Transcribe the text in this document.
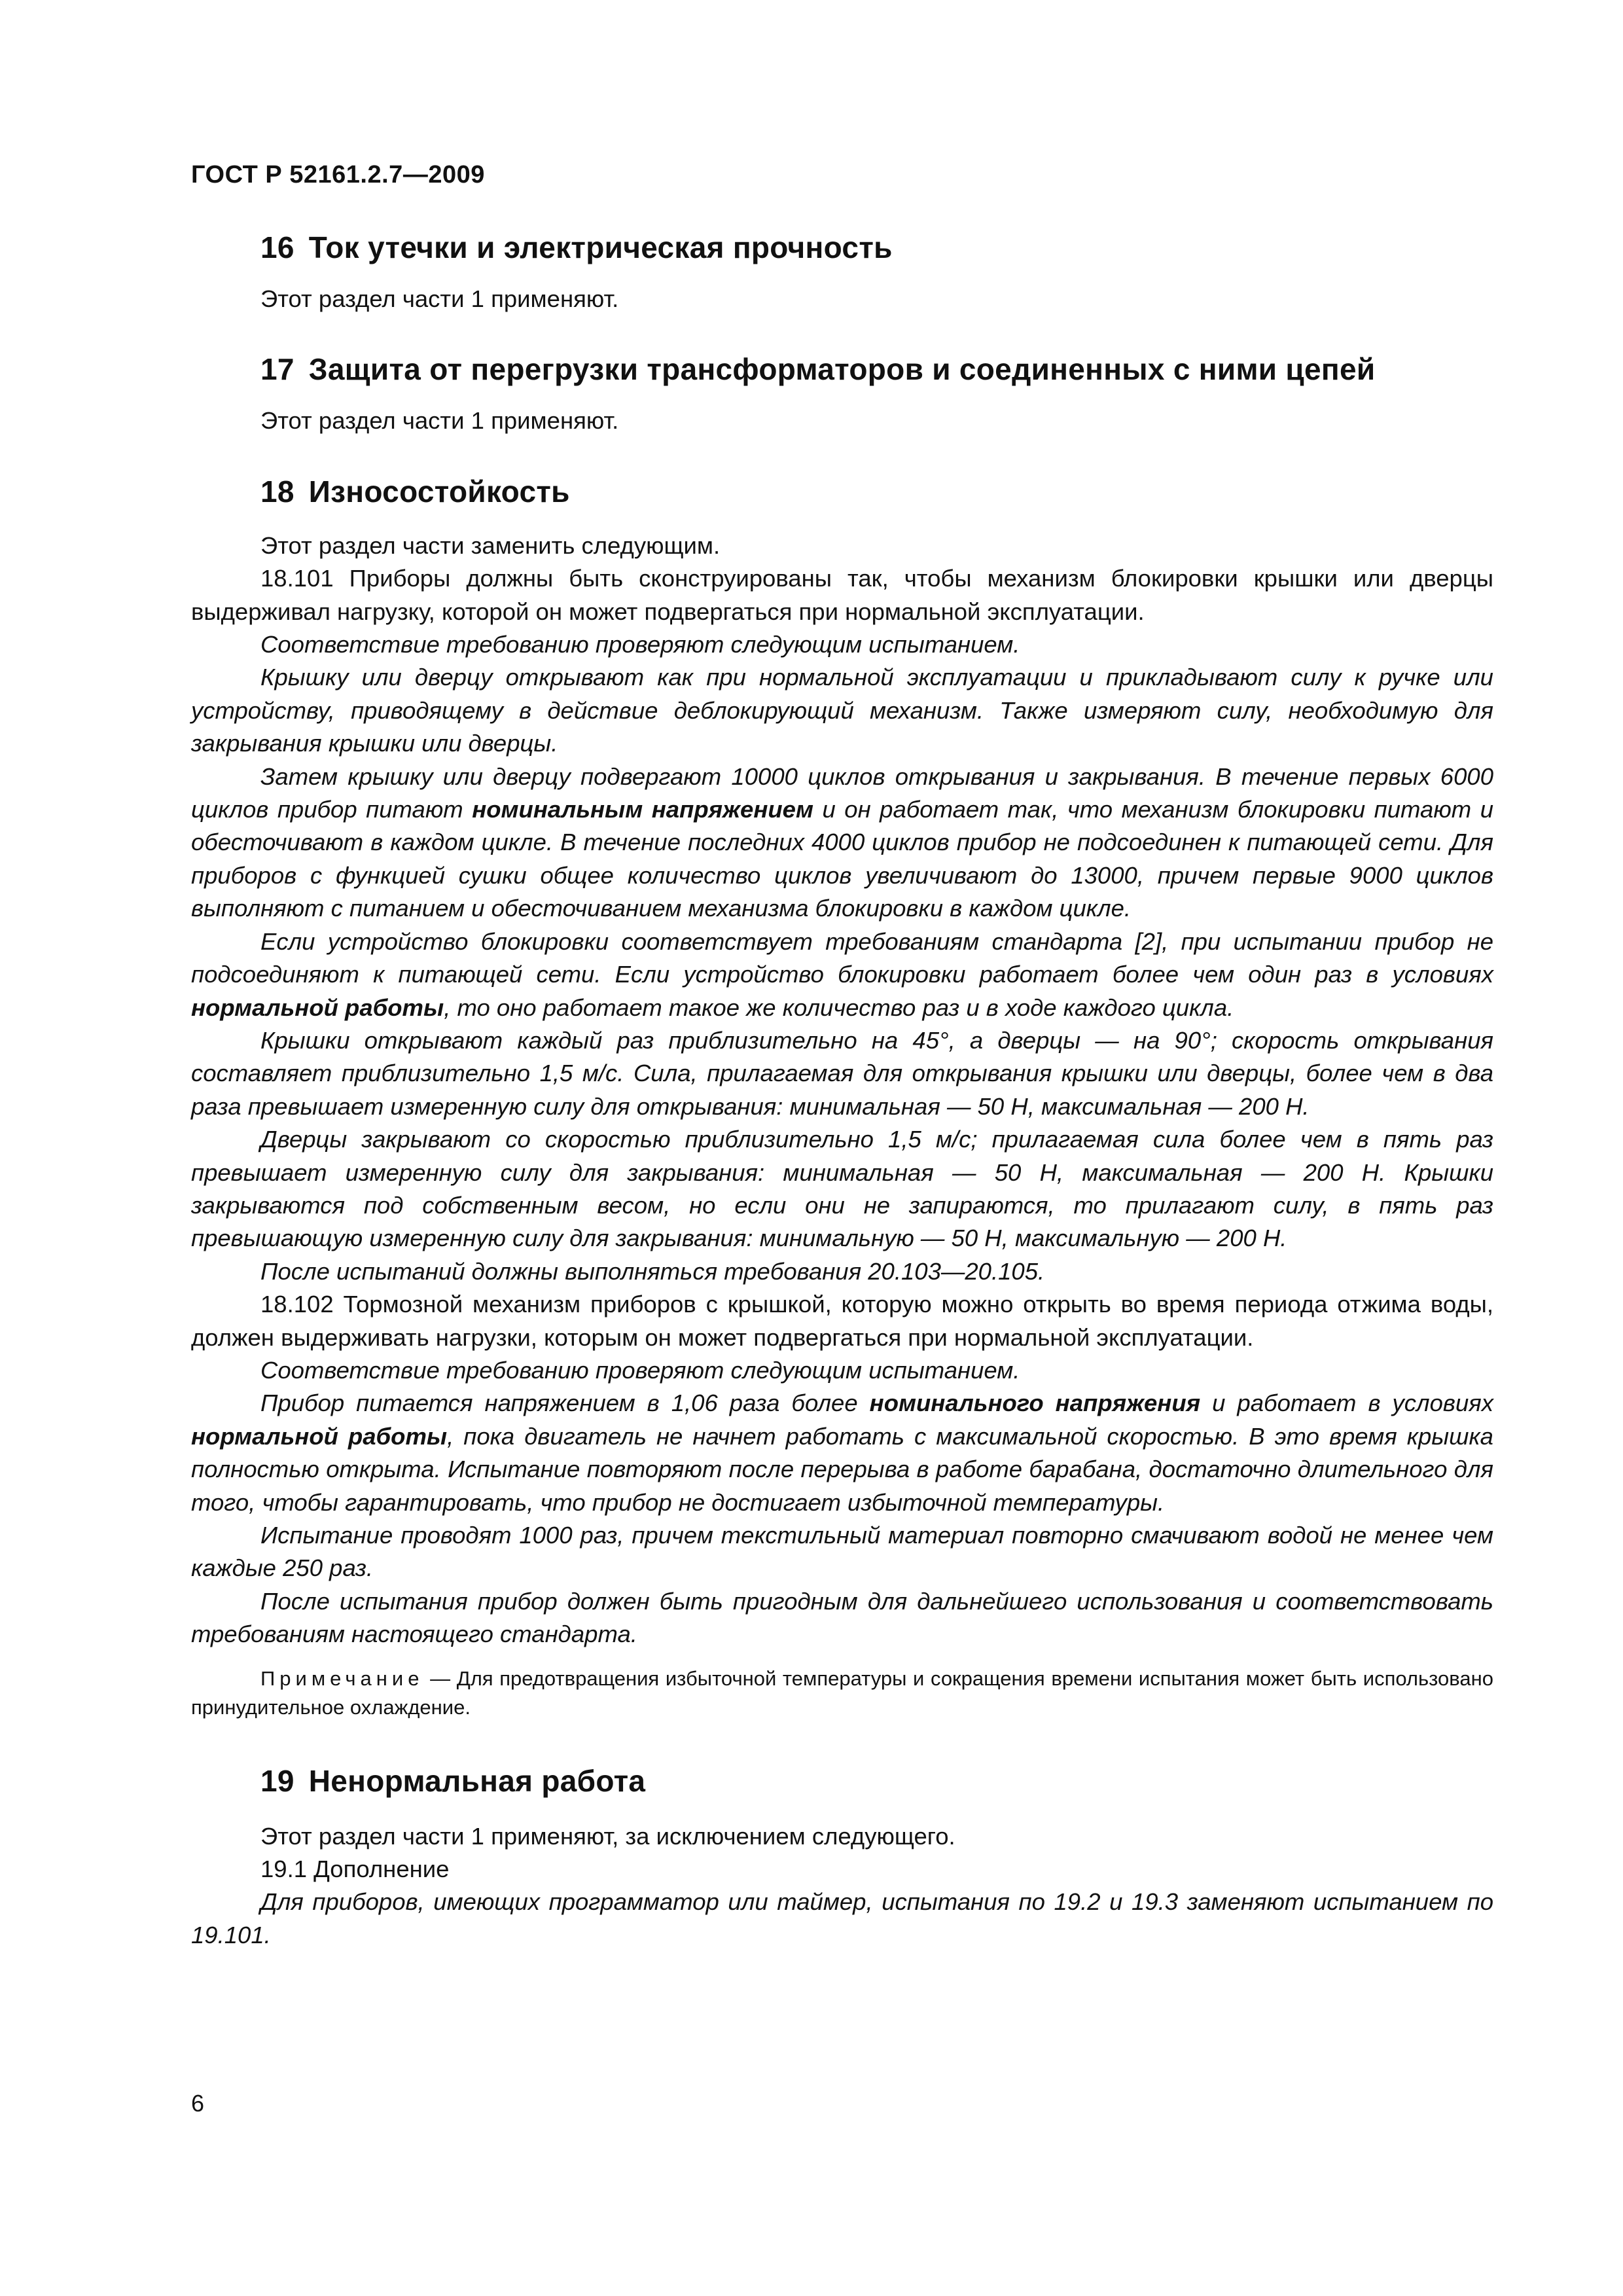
ГОСТ Р 52161.2.7—2009
16 Ток утечки и электрическая прочность

Этот раздел части 1 применяют.

17 Защита от перегрузки трансформаторов и соединенных с ними цепей

Этот раздел части 1 применяют.

18 Износостойкость

Этот раздел части заменить следующим.

18.101 Приборы должны быть сконструированы так, чтобы механизм блокировки крышки или дверцы выдерживал нагрузку, которой он может подвергаться при нормальной эксплуатации.

Соответствие требованию проверяют следующим испытанием.

Крышку или дверцу открывают как при нормальной эксплуатации и прикладывают силу к ручке или устройству, приводящему в действие деблокирующий механизм. Также измеряют силу, необходимую для закрывания крышки или дверцы.

Затем крышку или дверцу подвергают 10000 циклов открывания и закрывания. В течение первых 6000 циклов прибор питают номинальным напряжением и он работает так, что механизм блокировки питают и обесточивают в каждом цикле. В течение последних 4000 циклов прибор не подсоединен к питающей сети. Для приборов с функцией сушки общее количество циклов увеличивают до 13000, причем первые 9000 циклов выполняют с питанием и обесточиванием механизма блокировки в каждом цикле.

Если устройство блокировки соответствует требованиям стандарта [2], при испытании прибор не подсоединяют к питающей сети. Если устройство блокировки работает более чем один раз в условиях нормальной работы, то оно работает такое же количество раз и в ходе каждого цикла.

Крышки открывают каждый раз приблизительно на 45°, а дверцы — на 90°; скорость открывания составляет приблизительно 1,5 м/с. Сила, прилагаемая для открывания крышки или дверцы, более чем в два раза превышает измеренную силу для открывания: минимальная — 50 Н, максимальная — 200 Н.

Дверцы закрывают со скоростью приблизительно 1,5 м/с; прилагаемая сила более чем в пять раз превышает измеренную силу для закрывания: минимальная — 50 Н, максимальная — 200 Н. Крышки закрываются под собственным весом, но если они не запираются, то прилагают силу, в пять раз превышающую измеренную силу для закрывания: минимальную — 50 Н, максимальную — 200 Н.

После испытаний должны выполняться требования 20.103—20.105.

18.102 Тормозной механизм приборов с крышкой, которую можно открыть во время периода отжима воды, должен выдерживать нагрузки, которым он может подвергаться при нормальной эксплуатации.

Соответствие требованию проверяют следующим испытанием.

Прибор питается напряжением в 1,06 раза более номинального напряжения и работает в условиях нормальной работы, пока двигатель не начнет работать с максимальной скоростью. В это время крышка полностью открыта. Испытание повторяют после перерыва в работе барабана, достаточно длительного для того, чтобы гарантировать, что прибор не достигает избыточной температуры.

Испытание проводят 1000 раз, причем текстильный материал повторно смачивают водой не менее чем каждые 250 раз.

После испытания прибор должен быть пригодным для дальнейшего использования и соответствовать требованиям настоящего стандарта.

Примечание — Для предотвращения избыточной температуры и сокращения времени испытания может быть использовано принудительное охлаждение.

19 Ненормальная работа

Этот раздел части 1 применяют, за исключением следующего.

19.1 Дополнение

Для приборов, имеющих программатор или таймер, испытания по 19.2 и 19.3 заменяют испытанием по 19.101.

6
